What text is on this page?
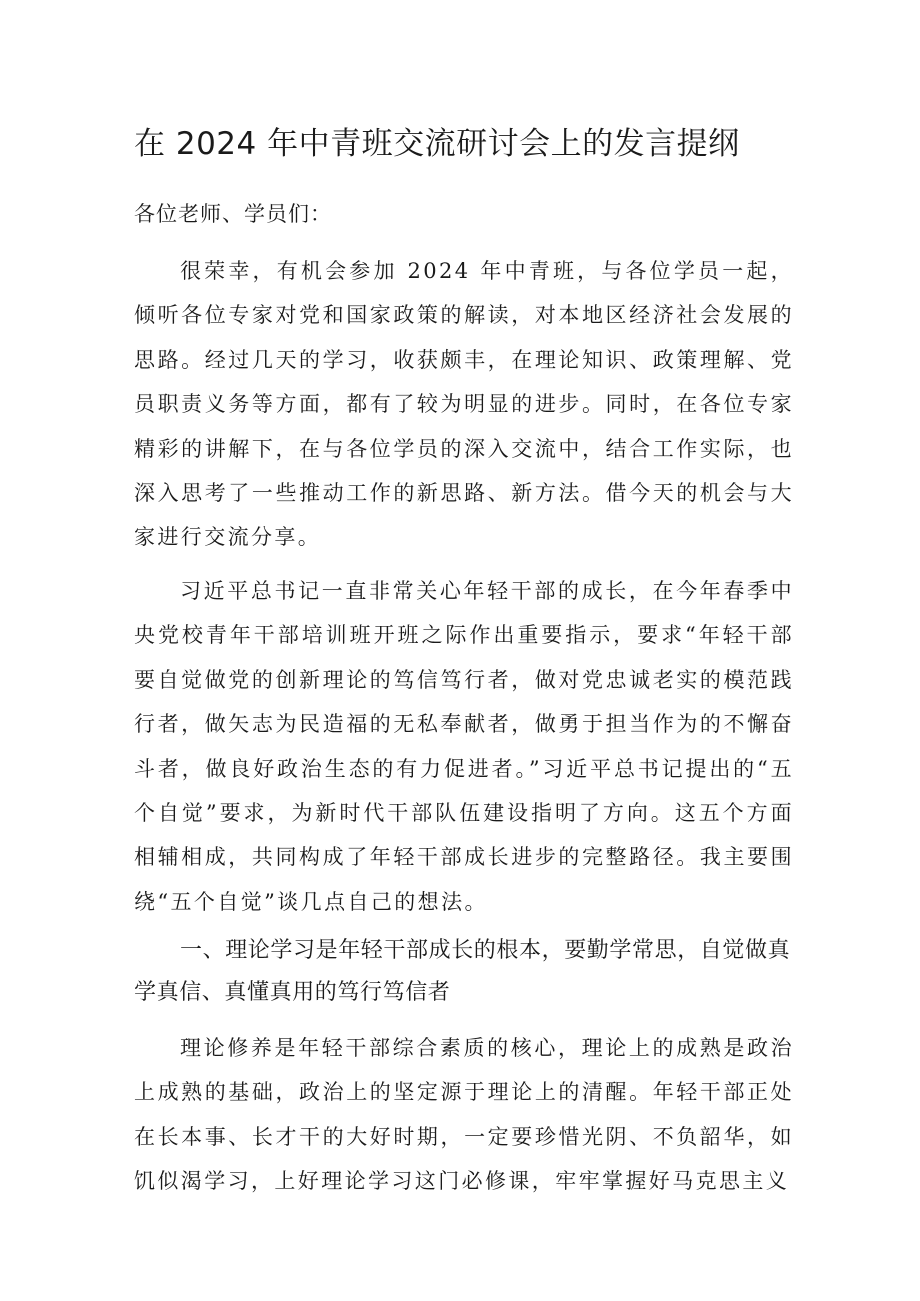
在 2024 年中青班交流研讨会上的发言提纲

各位老师、学员们：

很荣幸，有机会参加 2024 年中青班，与各位学员一起，倾听各位专家对党和国家政策的解读，对本地区经济社会发展的思路。经过几天的学习，收获颇丰，在理论知识、政策理解、党员职责义务等方面，都有了较为明显的进步。同时，在各位专家精彩的讲解下，在与各位学员的深入交流中，结合工作实际，也深入思考了一些推动工作的新思路、新方法。借今天的机会与大家进行交流分享。

习近平总书记一直非常关心年轻干部的成长，在今年春季中央党校青年干部培训班开班之际作出重要指示，要求“年轻干部要自觉做党的创新理论的笃信笃行者，做对党忠诚老实的模范践行者，做矢志为民造福的无私奉献者，做勇于担当作为的不懈奋斗者，做良好政治生态的有力促进者。”习近平总书记提出的“五个自觉”要求，为新时代干部队伍建设指明了方向。这五个方面相辅相成，共同构成了年轻干部成长进步的完整路径。我主要围绕“五个自觉”谈几点自己的想法。

一、理论学习是年轻干部成长的根本，要勤学常思，自觉做真学真信、真懂真用的笃行笃信者

理论修养是年轻干部综合素质的核心，理论上的成熟是政治上成熟的基础，政治上的坚定源于理论上的清醒。年轻干部正处在长本事、长才干的大好时期，一定要珍惜光阴、不负韶华，如饥似渴学习，上好理论学习这门必修课，牢牢掌握好马克思主义
